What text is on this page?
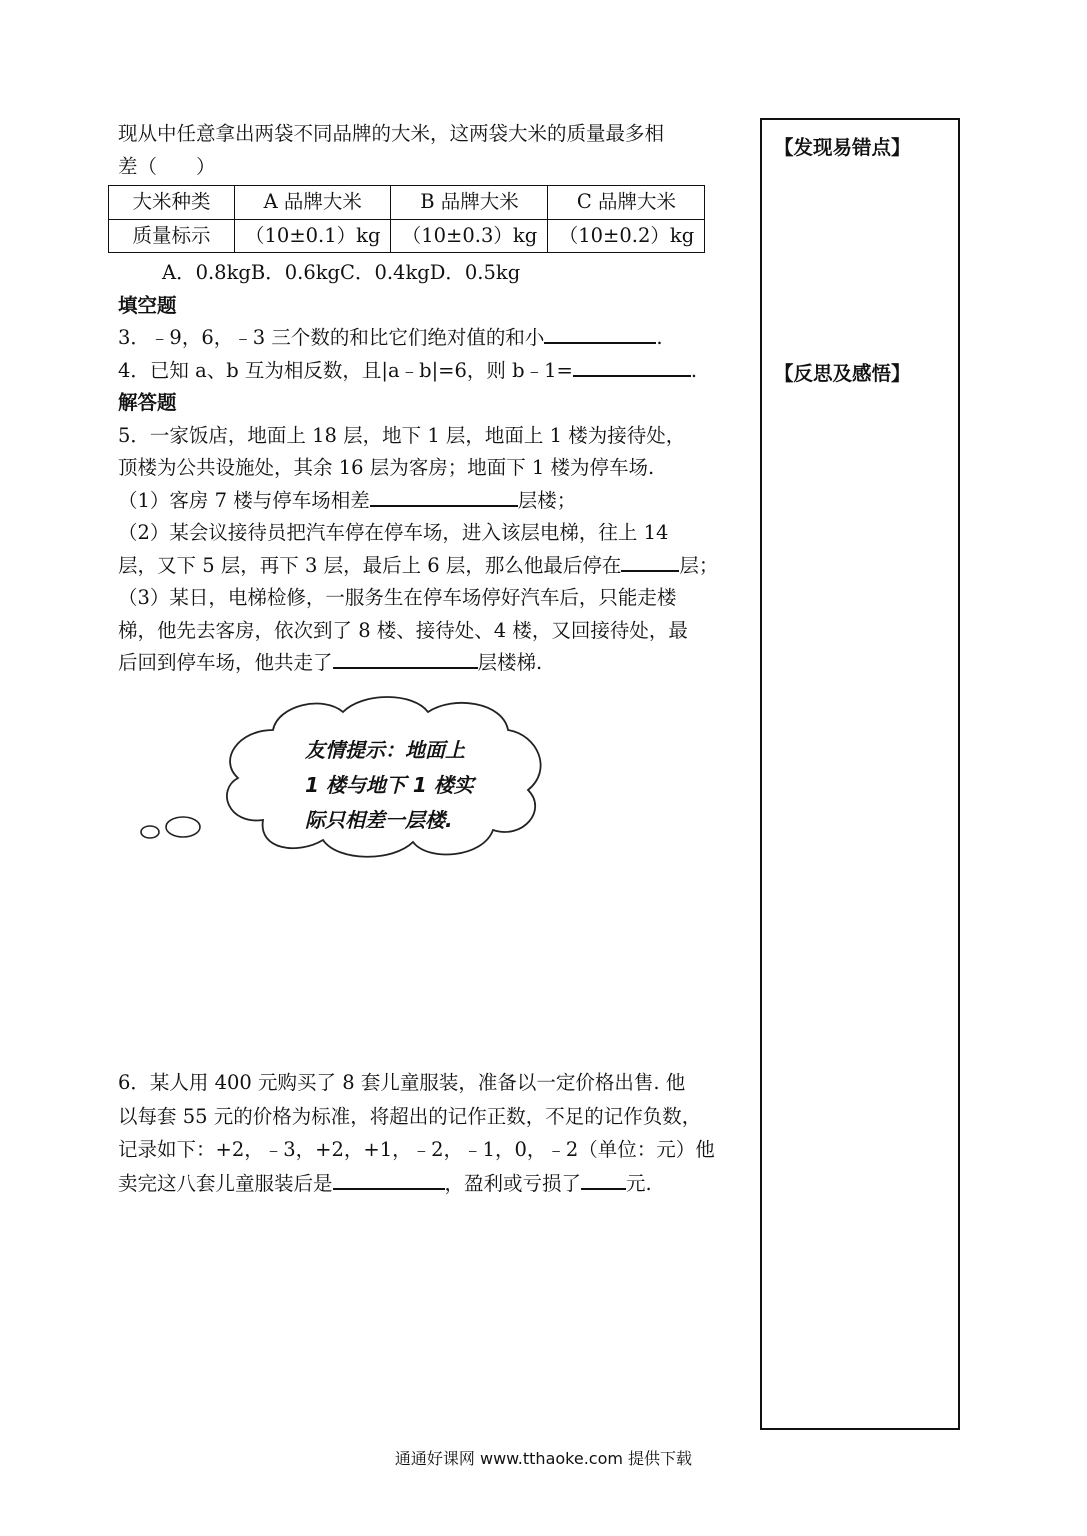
现从中任意拿出两袋不同品牌的大米，这两袋大米的质量最多相
差（　　）
大米种类	A 品牌大米	B 品牌大米	C 品牌大米
质量标示	（10±0.1）kg	（10±0.3）kg	（10±0.2）kg
A．0.8kgB．0.6kgC．0.4kgD．0.5kg
填空题
3．﹣9，6，﹣3 三个数的和比它们绝对值的和小	.
4．已知 a、b 互为相反数，且|a﹣b|=6，则 b﹣1=	.
解答题
5．一家饭店，地面上 18 层，地下 1 层，地面上 1 楼为接待处，
顶楼为公共设施处，其余 16 层为客房；地面下 1 楼为停车场.
（1）客房 7 楼与停车场相差	层楼；
（2）某会议接待员把汽车停在停车场，进入该层电梯，往上 14
层，又下 5 层，再下 3 层，最后上 6 层，那么他最后停在	层；
（3）某日，电梯检修，一服务生在停车场停好汽车后，只能走楼
梯，他先去客房，依次到了 8 楼、接待处、4 楼，又回接待处，最
后回到停车场，他共走了	层楼梯.
友情提示：地面上
1 楼与地下 1 楼实
际只相差一层楼.
6．某人用 400 元购买了 8 套儿童服装，准备以一定价格出售. 他
以每套 55 元的价格为标准，将超出的记作正数，不足的记作负数，
记录如下：+2，﹣3，+2，+1，﹣2，﹣1，0，﹣2（单位：元）他
卖完这八套儿童服装后是	，盈利或亏损了 元.
【发现易错点】
【反思及感悟】
通通好课网 www.tthaoke.com 提供下载
